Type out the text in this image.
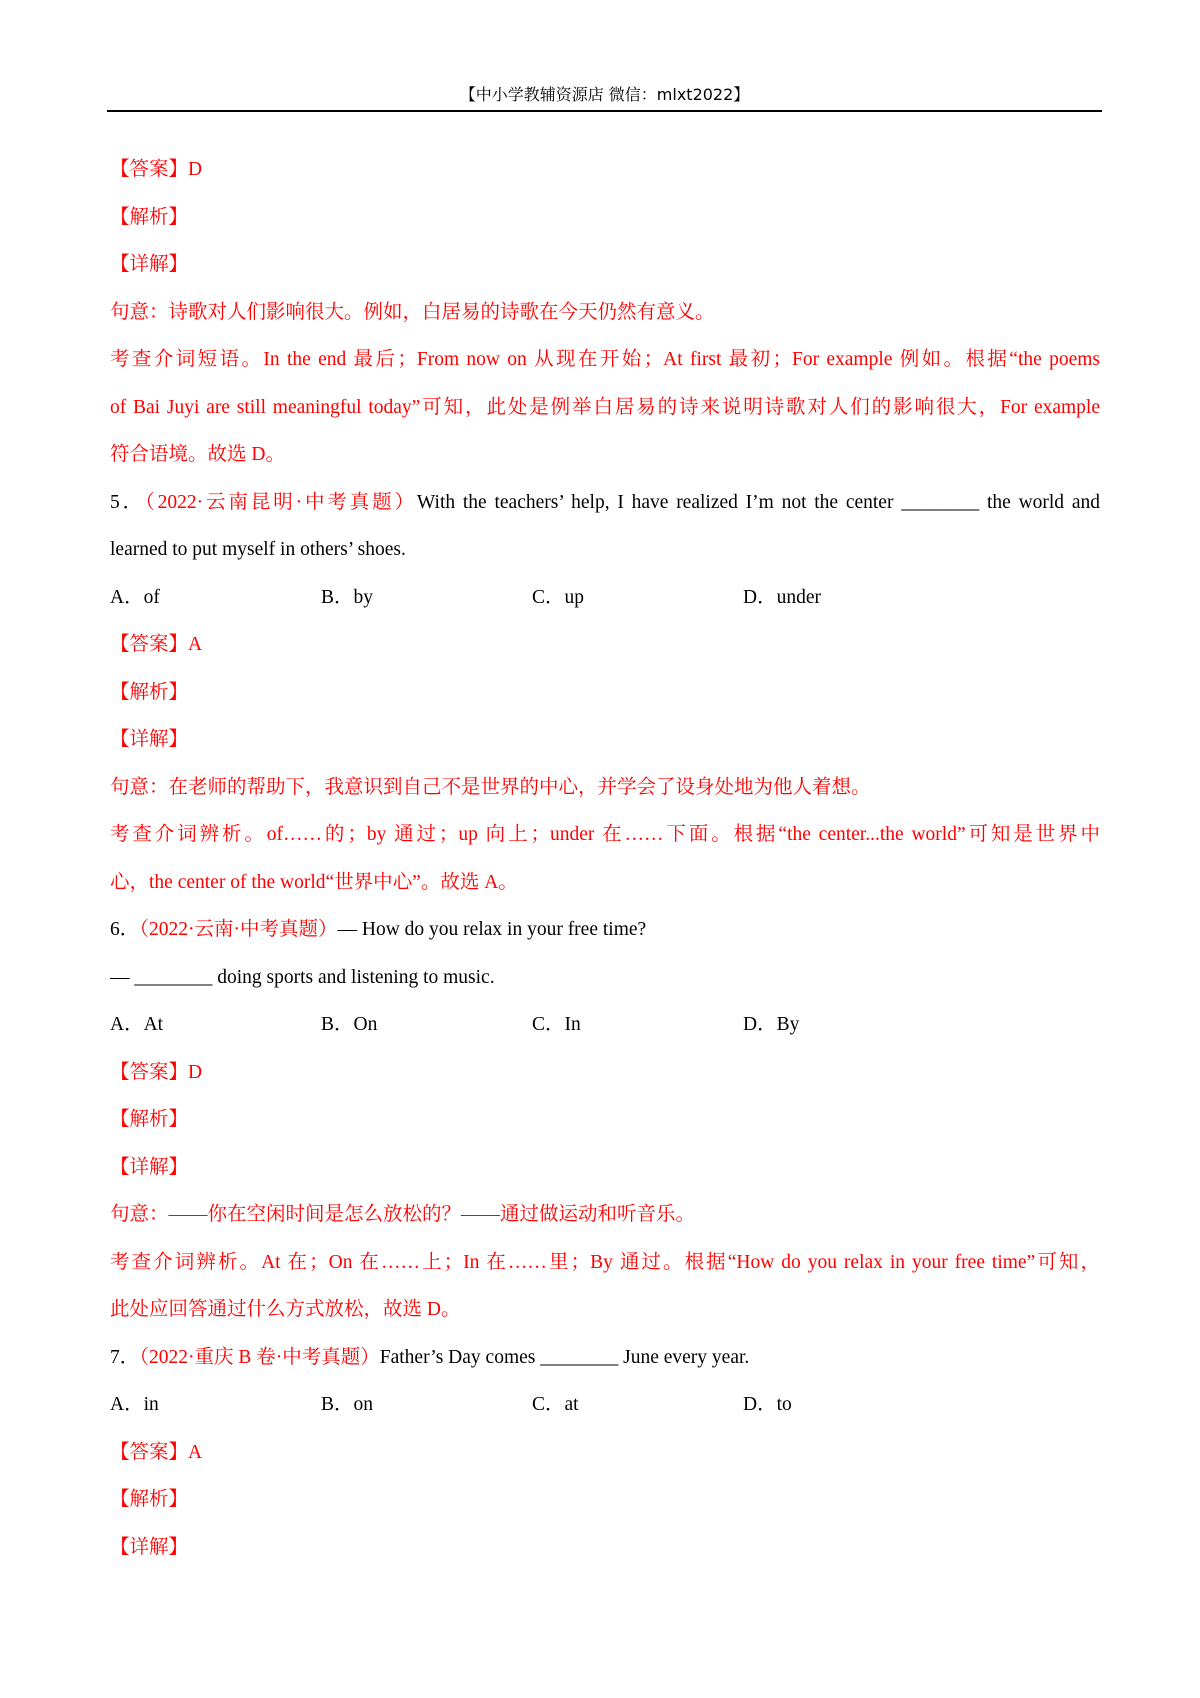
【中小学教辅资源店 微信：mlxt2022】
【答案】D
【解析】
【详解】
句意：诗歌对人们影响很大。例如，白居易的诗歌在今天仍然有意义。
考查介词短语。In the end 最后；From now on 从现在开始；At first 最初；For example 例如。根据“the poems
of Bai Juyi are still meaningful today”可知，此处是例举白居易的诗来说明诗歌对人们的影响很大，For example
符合语境。故选 D。
5．（2022·云南昆明·中考真题）With the teachers’ help, I have realized I’m not the center ________ the world and
learned to put myself in others’ shoes.
A．of	B．by	C．up	D．under
【答案】A
【解析】
【详解】
句意：在老师的帮助下，我意识到自己不是世界的中心，并学会了设身处地为他人着想。
考查介词辨析。of……的；by 通过；up 向上；under 在……下面。根据“the center...the world”可知是世界中
心，the center of the world“世界中心”。故选 A。
6．（2022·云南·中考真题）— How do you relax in your free time?
— ________ doing sports and listening to music.
A．At	B．On	C．In	D．By
【答案】D
【解析】
【详解】
句意：——你在空闲时间是怎么放松的？——通过做运动和听音乐。
考查介词辨析。At 在；On 在……上；In 在……里；By 通过。根据“How do you relax in your free time”可知，
此处应回答通过什么方式放松，故选 D。
7．（2022·重庆 B 卷·中考真题）Father’s Day comes ________ June every year.
A．in	B．on	C．at	D．to
【答案】A
【解析】
【详解】
